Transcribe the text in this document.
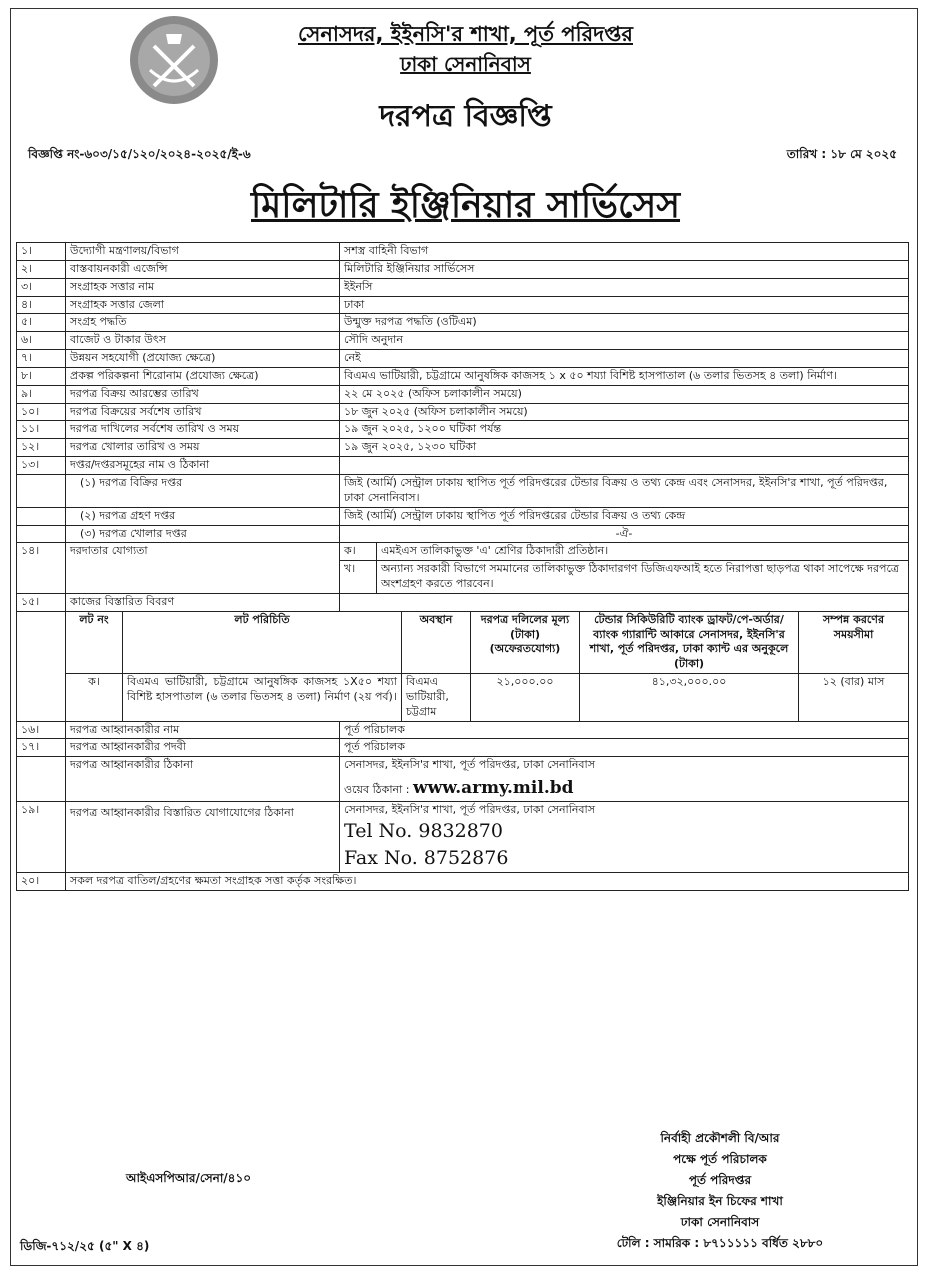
সেনাসদর, ইইনসি'র শাখা, পূর্ত পরিদপ্তর
ঢাকা সেনানিবাস
দরপত্র বিজ্ঞপ্তি
বিজ্ঞপ্তি নং-৬০৩/১৫/১২০/২০২৪-২০২৫/ই-৬	তারিখ : ১৮ মে ২০২৫
মিলিটারি ইঞ্জিনিয়ার সার্ভিসেস
১।	উদ্যোগী মন্ত্রণালয়/বিভাগ	সশস্ত্র বাহিনী বিভাগ
২।	বাস্তবায়নকারী এজেন্সি	মিলিটারি ইঞ্জিনিয়ার সার্ভিসেস
৩।	সংগ্রাহক সত্তার নাম	ইইনসি
৪।	সংগ্রাহক সত্তার জেলা	ঢাকা
৫।	সংগ্রহ পদ্ধতি	উন্মুক্ত দরপত্র পদ্ধতি (ওটিএম)
৬।	বাজেট ও টাকার উৎস	সৌদি অনুদান
৭।	উন্নয়ন সহযোগী (প্রযোজ্য ক্ষেত্রে)	নেই
৮।	প্রকল্প পরিকল্পনা শিরোনাম (প্রযোজ্য ক্ষেত্রে)	বিএমএ ভাটিয়ারী, চট্টগ্রামে আনুষঙ্গিক কাজসহ ১ x ৫০ শয্যা বিশিষ্ট হাসপাতাল (৬ তলার ভিতসহ ৪ তলা) নির্মাণ।
৯।	দরপত্র বিক্রয় আরম্ভের তারিখ	২২ মে ২০২৫ (অফিস চলাকালীন সময়ে)
১০।	দরপত্র বিক্রয়ের সর্বশেষ তারিখ	১৮ জুন ২০২৫ (অফিস চলাকালীন সময়ে)
১১।	দরপত্র দাখিলের সর্বশেষ তারিখ ও সময়	১৯ জুন ২০২৫, ১২০০ ঘটিকা পর্যন্ত
১২।	দরপত্র খোলার তারিখ ও সময়	১৯ জুন ২০২৫, ১২৩০ ঘটিকা
১৩।	দপ্তর/দপ্তরসমূহের নাম ও ঠিকানা	
	(১) দরপত্র বিক্রির দপ্তর	জিই (আর্মি) সেন্ট্রাল ঢাকায় স্থাপিত পূর্ত পরিদপ্তরের টেন্ডার বিক্রয় ও তথ্য কেন্দ্র এবং সেনাসদর, ইইনসি'র শাখা, পূর্ত পরিদপ্তর, ঢাকা সেনানিবাস।
	(২) দরপত্র গ্রহণ দপ্তর	জিই (আর্মি) সেন্ট্রাল ঢাকায় স্থাপিত পূর্ত পরিদপ্তরের টেন্ডার বিক্রয় ও তথ্য কেন্দ্র
	(৩) দরপত্র খোলার দপ্তর	-ঐ-
১৪।	দরদাতার যোগ্যতা		ক।	এমইএস তালিকাভুক্ত 'এ' শ্রেণির ঠিকাদারী প্রতিষ্ঠান।
খ।	অন্যান্য সরকারী বিভাগে সমমানের তালিকাভুক্ত ঠিকাদারগণ ডিজিএফআই হতে নিরাপত্তা ছাড়পত্র থাকা সাপেক্ষে দরপত্রে অংশগ্রহণ করতে পারবেন।

১৫।	কাজের বিস্তারিত বিবরণ	

	লট নং	লট পরিচিতি	অবস্থান	দরপত্র দলিলের মূল্য (টাকা) (অফেরতযোগ্য)	টেন্ডার সিকিউরিটি ব্যাংক ড্রাফট/পে-অর্ডার/ব্যাংক গ্যারান্টি আকারে সেনাসদর, ইইনসি'র শাখা, পূর্ত পরিদপ্তর, ঢাকা ক্যান্ট এর অনুকূলে (টাকা)	সম্পন্ন করণের সময়সীমা
	ক।	বিএমএ ভাটিয়ারী, চট্টগ্রামে আনুষঙ্গিক কাজসহ ১X৫০ শয্যা বিশিষ্ট হাসপাতাল (৬ তলার ভিতসহ ৪ তলা) নির্মাণ (২য় পর্ব)।	বিএমএ ভাটিয়ারী, চট্টগ্রাম	২১,০০০.০০	৪১,৩২,০০০.০০	১২ (বার) মাস

১৬।	দরপত্র আহ্বানকারীর নাম	পূর্ত পরিচালক
১৭।	দরপত্র আহ্বানকারীর পদবী	পূর্ত পরিচালক
	দরপত্র আহ্বানকারীর ঠিকানা	সেনাসদর, ইইনসি'র শাখা, পূর্ত পরিদপ্তর, ঢাকা সেনানিবাস
ওয়েব ঠিকানা : www.army.mil.bd

১৯।	দরপত্র আহ্বানকারীর বিস্তারিত যোগাযোগের ঠিকানা	সেনাসদর, ইইনসি'র শাখা, পূর্ত পরিদপ্তর, ঢাকা সেনানিবাস
Tel No. 9832870
Fax No. 8752876

২০।	সকল দরপত্র বাতিল/গ্রহণের ক্ষমতা সংগ্রাহক সত্তা কর্তৃক সংরক্ষিত।
নির্বাহী প্রকৌশলী বি/আর
পক্ষে পূর্ত পরিচালক
পূর্ত পরিদপ্তর
ইঞ্জিনিয়ার ইন চিফের শাখা
ঢাকা সেনানিবাস
টেলি : সামরিক : ৮৭১১১১১ বর্ধিত ২৮৮০
আইএসপিআর/সেনা/৪১০
ডিজি-৭১২/২৫ (৫" X ৪)
